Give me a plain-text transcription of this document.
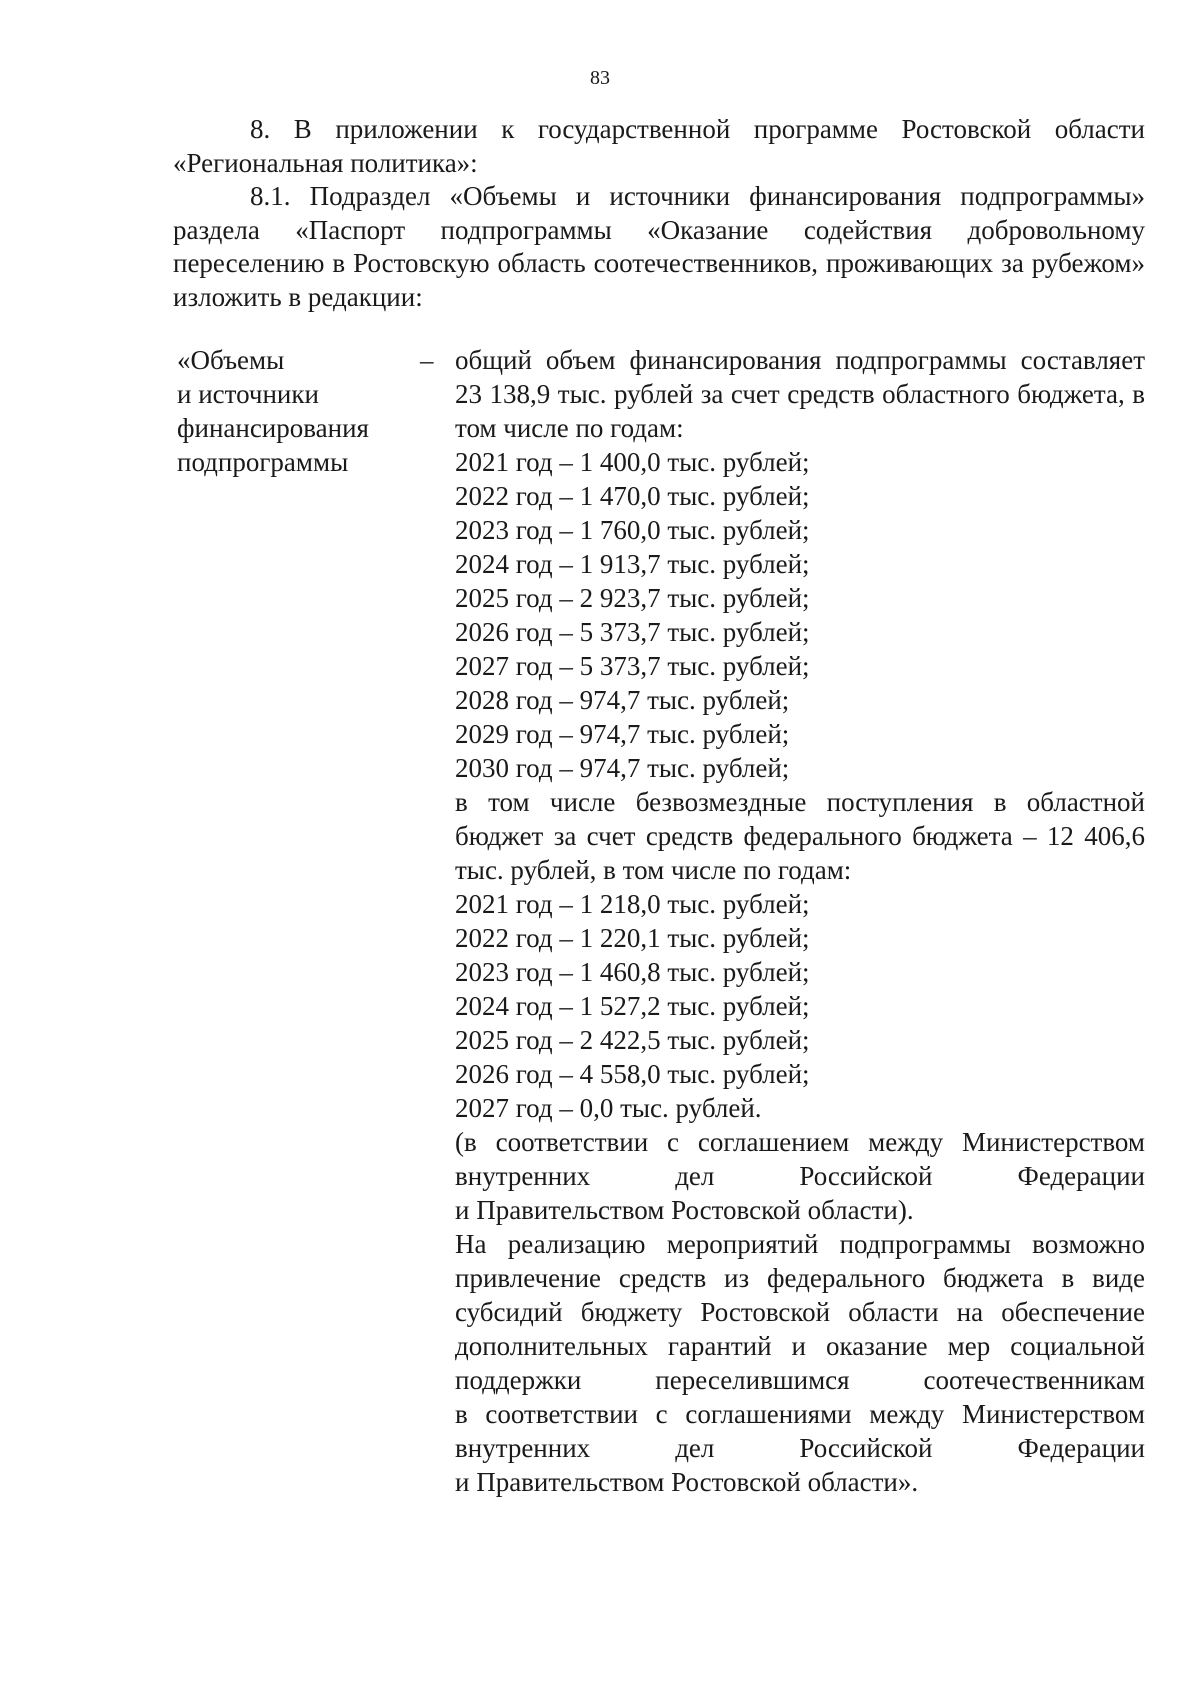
83

8. В приложении к государственной программе Ростовской области «Региональная политика»:

8.1. Подраздел «Объемы и источники финансирования подпрограммы» раздела «Паспорт подпрограммы «Оказание содействия добровольному переселению в Ростовскую область соотечественников, проживающих за рубежом» изложить в редакции:

«Объемы
и источники
финансирования
подпрограммы
– общий объем финансирования подпрограммы составляет 23 138,9 тыс. рублей за счет средств областного бюджета, в том числе по годам:
2021 год – 1 400,0 тыс. рублей;
2022 год – 1 470,0 тыс. рублей;
2023 год – 1 760,0 тыс. рублей;
2024 год – 1 913,7 тыс. рублей;
2025 год – 2 923,7 тыс. рублей;
2026 год – 5 373,7 тыс. рублей;
2027 год – 5 373,7 тыс. рублей;
2028 год – 974,7 тыс. рублей;
2029 год – 974,7 тыс. рублей;
2030 год – 974,7 тыс. рублей;
в том числе безвозмездные поступления в областной бюджет за счет средств федерального бюджета – 12 406,6 тыс. рублей, в том числе по годам:
2021 год – 1 218,0 тыс. рублей;
2022 год – 1 220,1 тыс. рублей;
2023 год – 1 460,8 тыс. рублей;
2024 год – 1 527,2 тыс. рублей;
2025 год – 2 422,5 тыс. рублей;
2026 год – 4 558,0 тыс. рублей;
2027 год – 0,0 тыс. рублей.
(в соответствии с соглашением между Министерством
внутренних	дел	Российской	Федерации
и Правительством Ростовской области).
На реализацию мероприятий подпрограммы возможно
привлечение средств из федерального бюджета в виде
субсидий бюджету Ростовской области на обеспечение
дополнительных гарантий и оказание мер социальной
поддержки	переселившимся	соотечественникам
в соответствии с соглашениями между Министерством
внутренних	дел	Российской	Федерации
и Правительством Ростовской области».
